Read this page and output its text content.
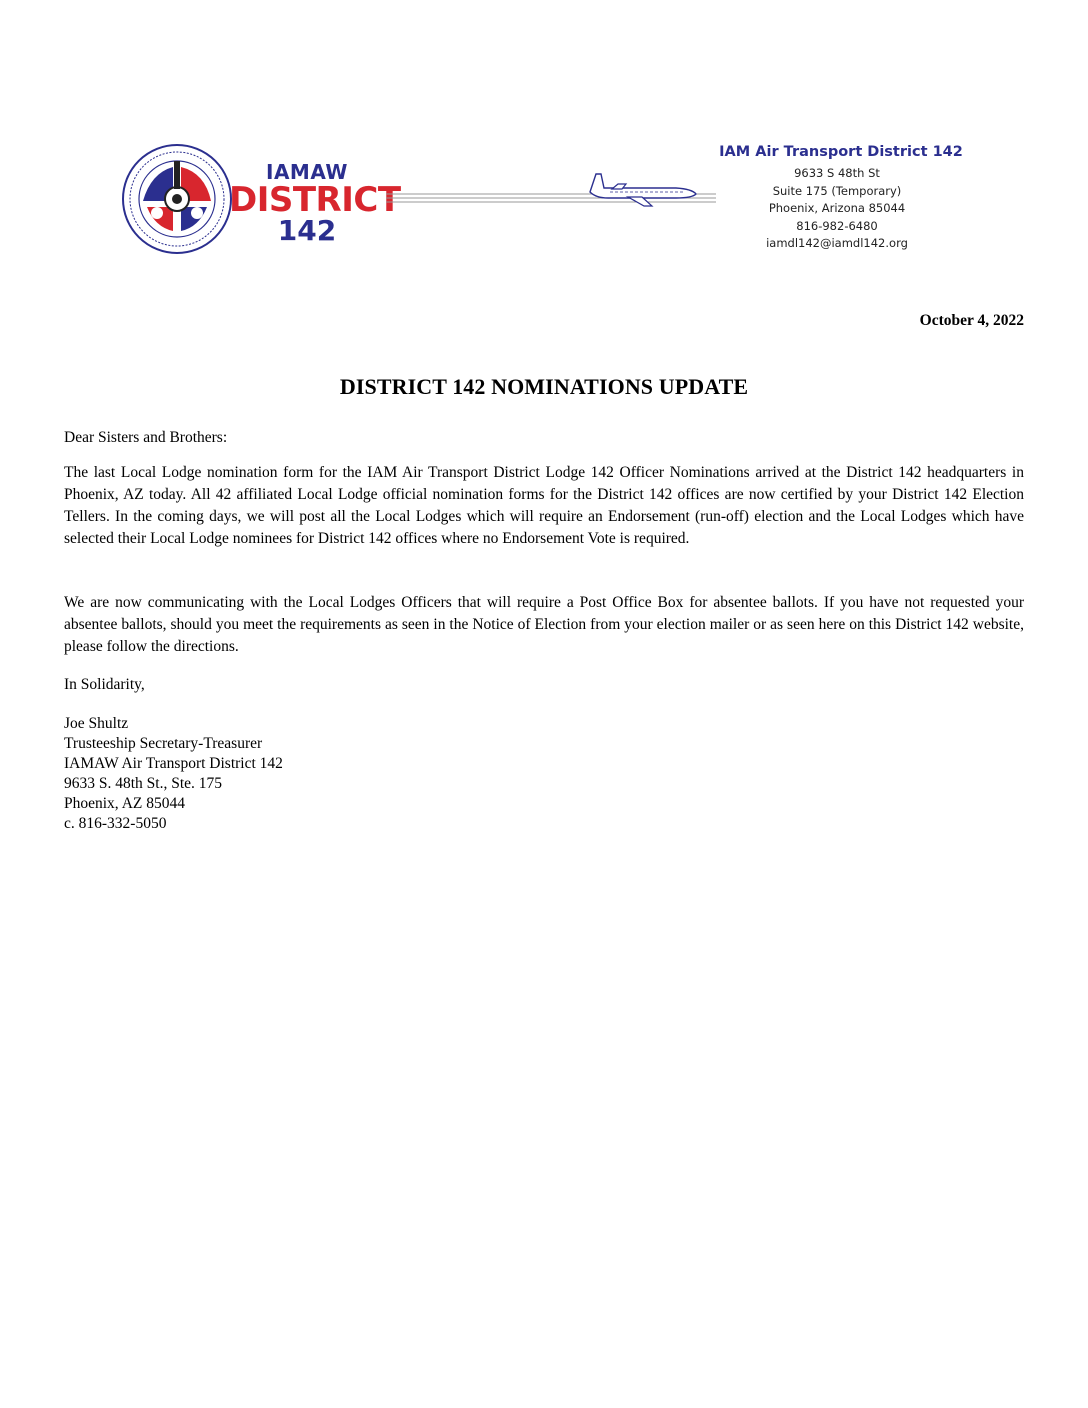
IAMAW
DISTRICT
142
IAM Air Transport District 142
9633 S 48th St
Suite 175 (Temporary)
Phoenix, Arizona 85044
816-982-6480
iamdl142@iamdl142.org
October 4, 2022
DISTRICT 142 NOMINATIONS UPDATE
Dear Sisters and Brothers:
The last Local Lodge nomination form for the IAM Air Transport District Lodge 142 Officer Nominations arrived at the District 142 headquarters in Phoenix, AZ today. All 42 affiliated Local Lodge official nomination forms for the District 142 offices are now certified by your District 142 Election Tellers. In the coming days, we will post all the Local Lodges which will require an Endorsement (run-off) election and the Local Lodges which have selected their Local Lodge nominees for District 142 offices where no Endorsement Vote is required.
We are now communicating with the Local Lodges Officers that will require a Post Office Box for absentee ballots. If you have not requested your absentee ballots, should you meet the requirements as seen in the Notice of Election from your election mailer or as seen here on this District 142 website, please follow the directions.
In Solidarity,
Joe Shultz
Trusteeship Secretary-Treasurer
IAMAW Air Transport District 142
9633 S. 48th St., Ste. 175
Phoenix, AZ 85044
c. 816-332-5050
